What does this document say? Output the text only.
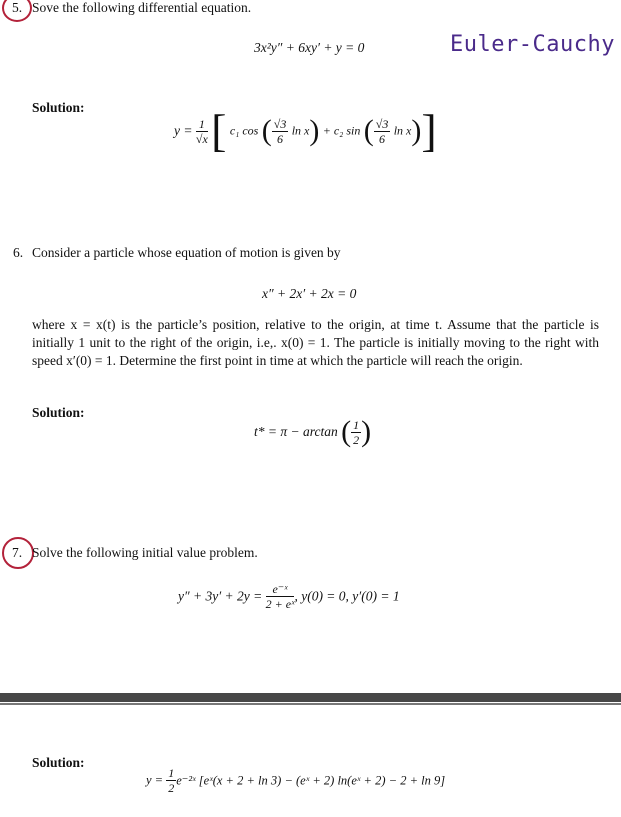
5. Sove the following differential equation.
3x²y″ + 6xy′ + y = 0	Euler-Cauchy
Solution:
$y = \frac{1}{√x}$ [ c₁ cos ( $\frac{√3}{6}$ ln x) + c₂ sin ( $\frac{√3}{6}$ ln x)]
6. Consider a particle whose equation of motion is given by
x″ + 2x′ + 2x = 0
where x = x(t) is the particle’s position, relative to the origin, at time t. Assume that the particle is initially 1 unit to the right of the origin, i.e,. x(0) = 1. The particle is initially moving to the right with speed x′(0) = 1. Determine the first point in time at which the particle will reach the origin.
Solution:
t* = π − arctan ( $\frac{1}{2}$ )
7. Solve the following initial value problem.
$y'' + 3y' + 2y = \frac{\text{e⁻ˣ}}{\text{2 + eˣ}}$ , y(0) = 0, y′(0) = 1
Solution:
$y = \frac{1}{2}$ e⁻²ˣ [eˣ(x + 2 + ln 3) − (eˣ + 2) ln(eˣ + 2) − 2 + ln 9]
